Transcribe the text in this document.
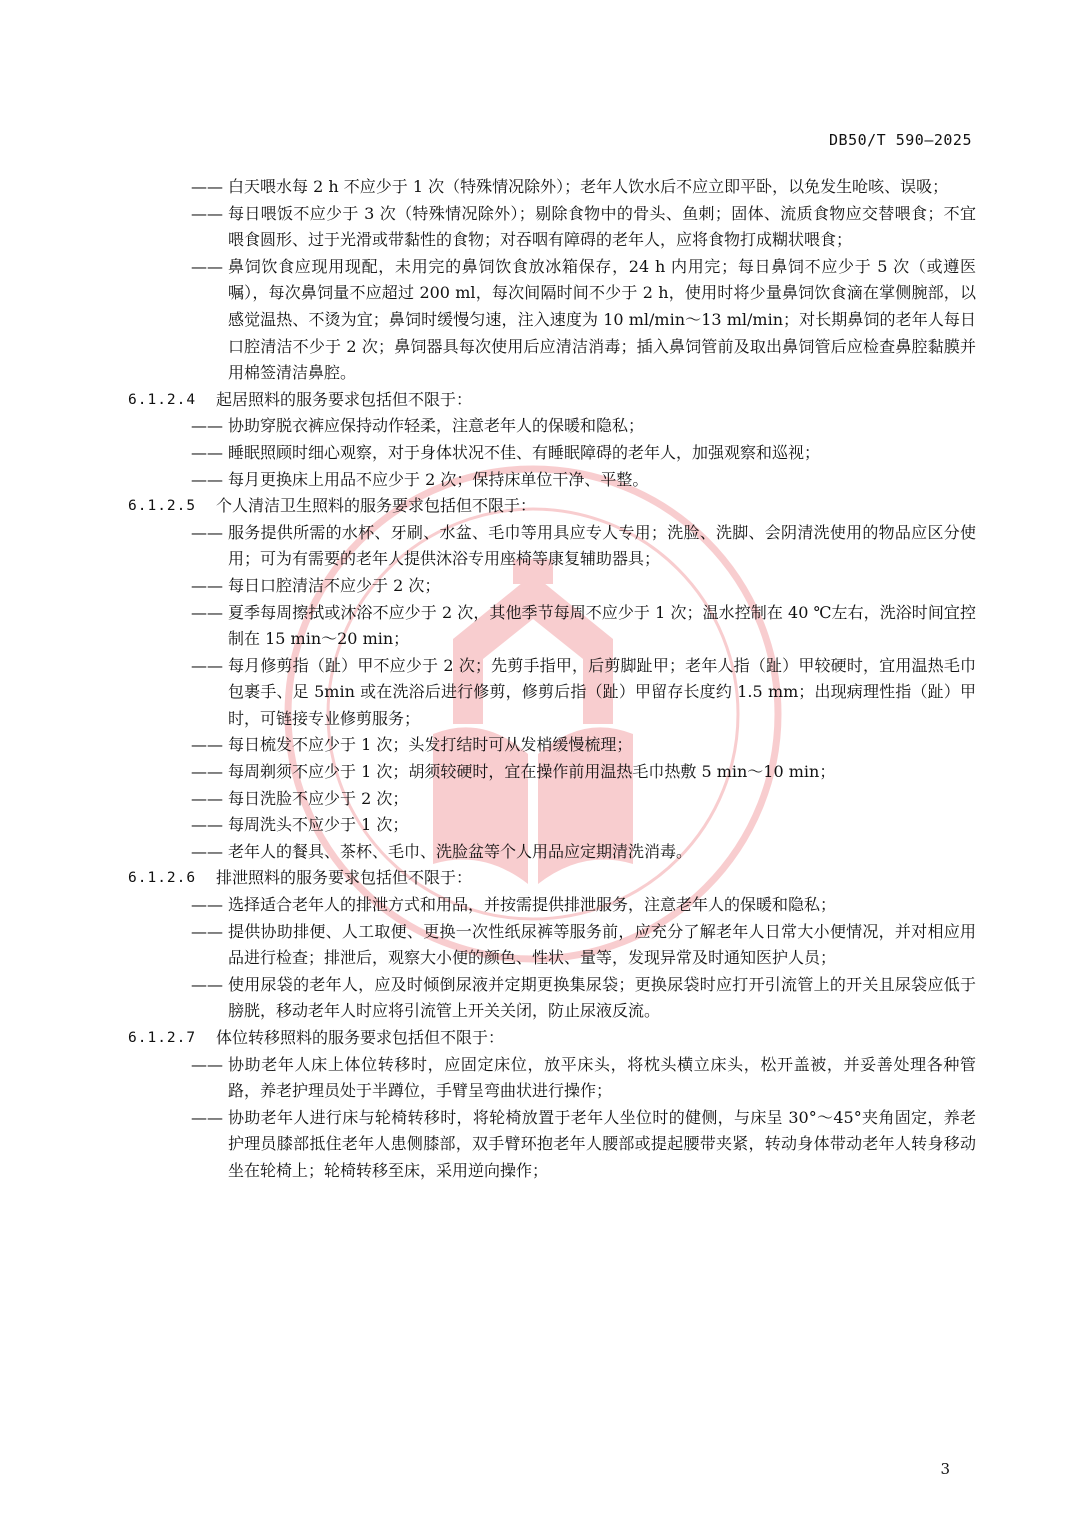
DB50/T 590—2025
—— 白天喂水每 2 h 不应少于 1 次（特殊情况除外）；老年人饮水后不应立即平卧，以免发生呛咳、误吸；
—— 每日喂饭不应少于 3 次（特殊情况除外）；剔除食物中的骨头、鱼刺；固体、流质食物应交替喂食；不宜喂食圆形、过于光滑或带黏性的食物；对吞咽有障碍的老年人，应将食物打成糊状喂食；
—— 鼻饲饮食应现用现配，未用完的鼻饲饮食放冰箱保存，24 h 内用完；每日鼻饲不应少于 5 次（或遵医嘱），每次鼻饲量不应超过 200 ml，每次间隔时间不少于 2 h，使用时将少量鼻饲饮食滴在掌侧腕部，以感觉温热、不烫为宜；鼻饲时缓慢匀速，注入速度为 10 ml/min～13 ml/min；对长期鼻饲的老年人每日口腔清洁不少于 2 次；鼻饲器具每次使用后应清洁消毒；插入鼻饲管前及取出鼻饲管后应检查鼻腔黏膜并用棉签清洁鼻腔。
6.1.2.4 起居照料的服务要求包括但不限于：
—— 协助穿脱衣裤应保持动作轻柔，注意老年人的保暖和隐私；
—— 睡眠照顾时细心观察，对于身体状况不佳、有睡眠障碍的老年人，加强观察和巡视；
—— 每月更换床上用品不应少于 2 次；保持床单位干净、平整。
6.1.2.5 个人清洁卫生照料的服务要求包括但不限于：
—— 服务提供所需的水杯、牙刷、水盆、毛巾等用具应专人专用；洗脸、洗脚、会阴清洗使用的物品应区分使用；可为有需要的老年人提供沐浴专用座椅等康复辅助器具；
—— 每日口腔清洁不应少于 2 次；
—— 夏季每周擦拭或沐浴不应少于 2 次，其他季节每周不应少于 1 次；温水控制在 40 ℃左右，洗浴时间宜控制在 15 min～20 min；
—— 每月修剪指（趾）甲不应少于 2 次；先剪手指甲，后剪脚趾甲；老年人指（趾）甲较硬时，宜用温热毛巾包裹手、足 5min 或在洗浴后进行修剪，修剪后指（趾）甲留存长度约 1.5 mm；出现病理性指（趾）甲时，可链接专业修剪服务；
—— 每日梳发不应少于 1 次；头发打结时可从发梢缓慢梳理；
—— 每周剃须不应少于 1 次；胡须较硬时，宜在操作前用温热毛巾热敷 5 min～10 min；
—— 每日洗脸不应少于 2 次；
—— 每周洗头不应少于 1 次；
—— 老年人的餐具、茶杯、毛巾、洗脸盆等个人用品应定期清洗消毒。
6.1.2.6 排泄照料的服务要求包括但不限于：
—— 选择适合老年人的排泄方式和用品，并按需提供排泄服务，注意老年人的保暖和隐私；
—— 提供协助排便、人工取便、更换一次性纸尿裤等服务前，应充分了解老年人日常大小便情况，并对相应用品进行检查；排泄后，观察大小便的颜色、性状、量等，发现异常及时通知医护人员；
—— 使用尿袋的老年人，应及时倾倒尿液并定期更换集尿袋；更换尿袋时应打开引流管上的开关且尿袋应低于膀胱，移动老年人时应将引流管上开关关闭，防止尿液反流。
6.1.2.7 体位转移照料的服务要求包括但不限于：
—— 协助老年人床上体位转移时，应固定床位，放平床头，将枕头横立床头，松开盖被，并妥善处理各种管路，养老护理员处于半蹲位，手臂呈弯曲状进行操作；
—— 协助老年人进行床与轮椅转移时，将轮椅放置于老年人坐位时的健侧，与床呈 30°～45°夹角固定，养老护理员膝部抵住老年人患侧膝部，双手臂环抱老年人腰部或提起腰带夹紧，转动身体带动老年人转身移动坐在轮椅上；轮椅转移至床，采用逆向操作；
3
